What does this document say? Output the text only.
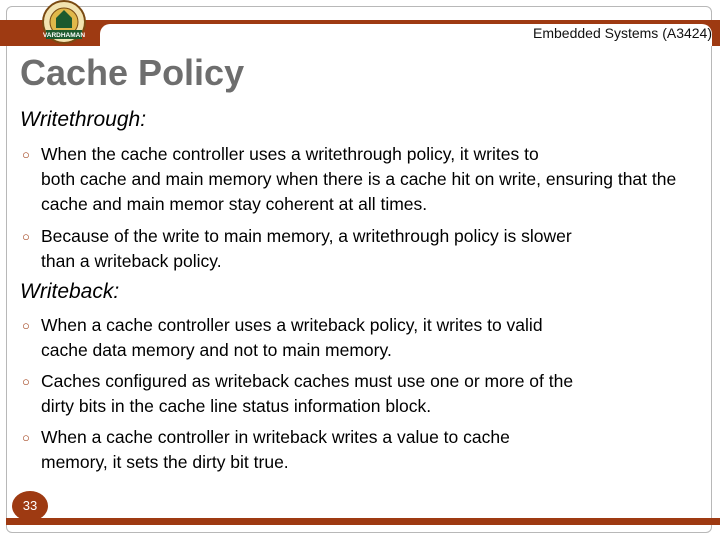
VARDHAMAN	Embedded Systems (A3424)
Cache Policy
Writethrough:
○ When the cache controller uses a writethrough policy, it writes to
both cache and main memory when there is a cache hit on write, ensuring that the cache and main memor stay coherent at all times.
○ Because of the write to main memory, a writethrough policy is slower
than a writeback policy.
Writeback:
○ When a cache controller uses a writeback policy, it writes to valid
cache data memory and not to main memory.
○ Caches configured as writeback caches must use one or more of the
dirty bits in the cache line status information block.
○ When a cache controller in writeback writes a value to cache
memory, it sets the dirty bit true.
33
